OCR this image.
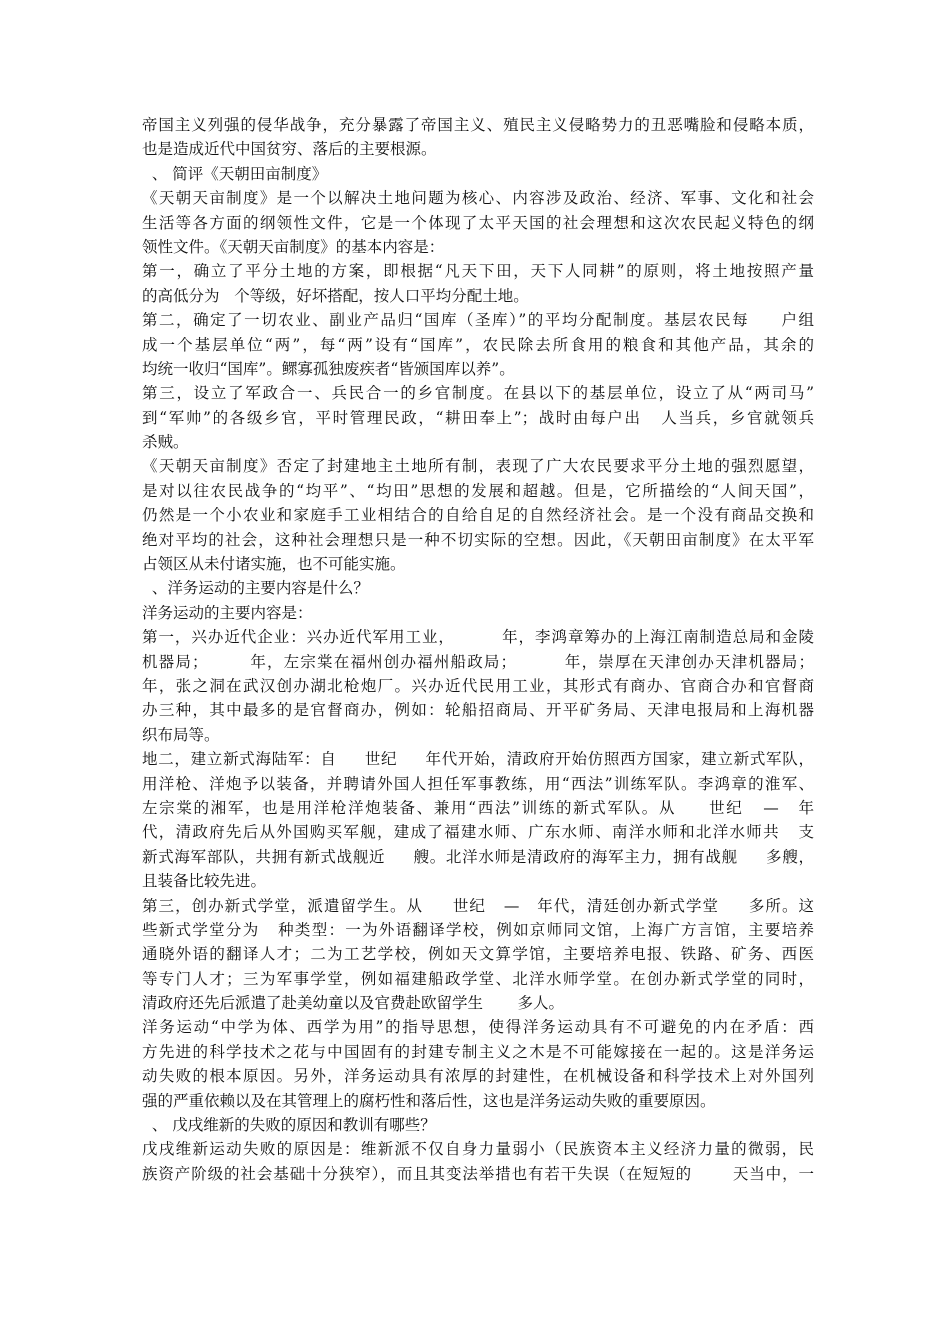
帝国主义列强的侵华战争，充分暴露了帝国主义、殖民主义侵略势力的丑恶嘴脸和侵略本质，
也是造成近代中国贫穷、落后的主要根源。
、 简评《天朝田亩制度》
《天朝天亩制度》是一个以解决土地问题为核心、内容涉及政治、经济、军事、文化和社会
生活等各方面的纲领性文件，它是一个体现了太平天国的社会理想和这次农民起义特色的纲
领性文件。《天朝天亩制度》的基本内容是：
第一，确立了平分土地的方案，即根据“凡天下田，天下人同耕”的原则，将土地按照产量
的高低分为   个等级，好坏搭配，按人口平均分配土地。
第二，确定了一切农业、副业产品归“国库（圣库）”的平均分配制度。基层农民每     户组
成一个基层单位“两”，每“两”设有“国库”，农民除去所食用的粮食和其他产品，其余的
均统一收归“国库”。鳏寡孤独废疾者“皆颁国库以养”。
第三，设立了军政合一、兵民合一的乡官制度。在县以下的基层单位，设立了从“两司马”
到“军帅”的各级乡官，平时管理民政，“耕田奉上”；战时由每户出   人当兵，乡官就领兵
杀贼。
《天朝天亩制度》否定了封建地主土地所有制，表现了广大农民要求平分土地的强烈愿望，
是对以往农民战争的“均平”、“均田”思想的发展和超越。但是，它所描绘的“人间天国”，
仍然是一个小农业和家庭手工业相结合的自给自足的自然经济社会。是一个没有商品交换和
绝对平均的社会，这种社会理想只是一种不切实际的空想。因此，《天朝田亩制度》在太平军
占领区从未付诸实施，也不可能实施。
、洋务运动的主要内容是什么？
洋务运动的主要内容是：
第一，兴办近代企业：兴办近代军用工业，        年，李鸿章筹办的上海江南制造总局和金陵
机器局；       年，左宗棠在福州创办福州船政局；        年，崇厚在天津创办天津机器局；
年，张之洞在武汉创办湖北枪炮厂。兴办近代民用工业，其形式有商办、官商合办和官督商
办三种，其中最多的是官督商办，例如：轮船招商局、开平矿务局、天津电报局和上海机器
织布局等。
地二，建立新式海陆军：自     世纪     年代开始，清政府开始仿照西方国家，建立新式军队，
用洋枪、洋炮予以装备，并聘请外国人担任军事教练，用“西法”训练军队。李鸿章的淮军、
左宗棠的湘军，也是用洋枪洋炮装备、兼用“西法”训练的新式军队。从     世纪   —   年
代，清政府先后从外国购买军舰，建成了福建水师、广东水师、南洋水师和北洋水师共   支
新式海军部队，共拥有新式战舰近     艘。北洋水师是清政府的海军主力，拥有战舰     多艘，
且装备比较先进。
第三，创办新式学堂，派遣留学生。从     世纪   —   年代，清廷创办新式学堂     多所。这
些新式学堂分为   种类型：一为外语翻译学校，例如京师同文馆，上海广方言馆，主要培养
通晓外语的翻译人才；二为工艺学校，例如天文算学馆，主要培养电报、铁路、矿务、西医
等专门人才；三为军事学堂，例如福建船政学堂、北洋水师学堂。在创办新式学堂的同时，
清政府还先后派遣了赴美幼童以及官费赴欧留学生       多人。
洋务运动“中学为体、西学为用”的指导思想，使得洋务运动具有不可避免的内在矛盾：西
方先进的科学技术之花与中国固有的封建专制主义之木是不可能嫁接在一起的。这是洋务运
动失败的根本原因。另外，洋务运动具有浓厚的封建性，在机械设备和科学技术上对外国列
强的严重依赖以及在其管理上的腐朽性和落后性，这也是洋务运动失败的重要原因。
、 戊戌维新的失败的原因和教训有哪些？
戊戌维新运动失败的原因是：维新派不仅自身力量弱小（民族资本主义经济力量的微弱，民
族资产阶级的社会基础十分狭窄），而且其变法举措也有若干失误（在短短的       天当中，一
